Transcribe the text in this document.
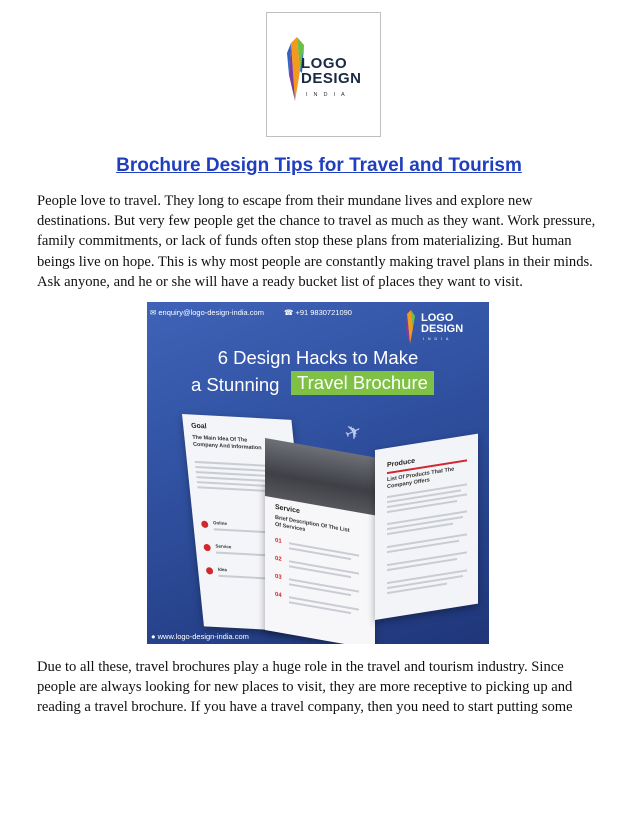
LOGO
DESIGN
INDIA
Brochure Design Tips for Travel and Tourism

People love to travel. They long to escape from their mundane lives and explore new destinations. But very few people get the chance to travel as much as they want. Work pressure, family commitments, or lack of funds often stop these plans from materializing. But human beings live on hope. This is why most people are constantly making travel plans in their minds. Ask anyone, and he or she will have a ready bucket list of places they want to visit.

✉ enquiry@logo-design-india.com	☎ +91 9830721090	LOGO
DESIGN
INDIA
6 Design Hacks to Make
a Stunning Travel Brochure
✈
Goal
The Main Idea Of The Company And Information
Online
Service
Idea
Service
Brief Description Of The List Of Services
01
02
03
04
Produce
List Of Products That The Company Offers
● www.logo-design-india.com

Due to all these, travel brochures play a huge role in the travel and tourism industry. Since people are always looking for new places to visit, they are more receptive to picking up and reading a travel brochure. If you have a travel company, then you need to start putting some
